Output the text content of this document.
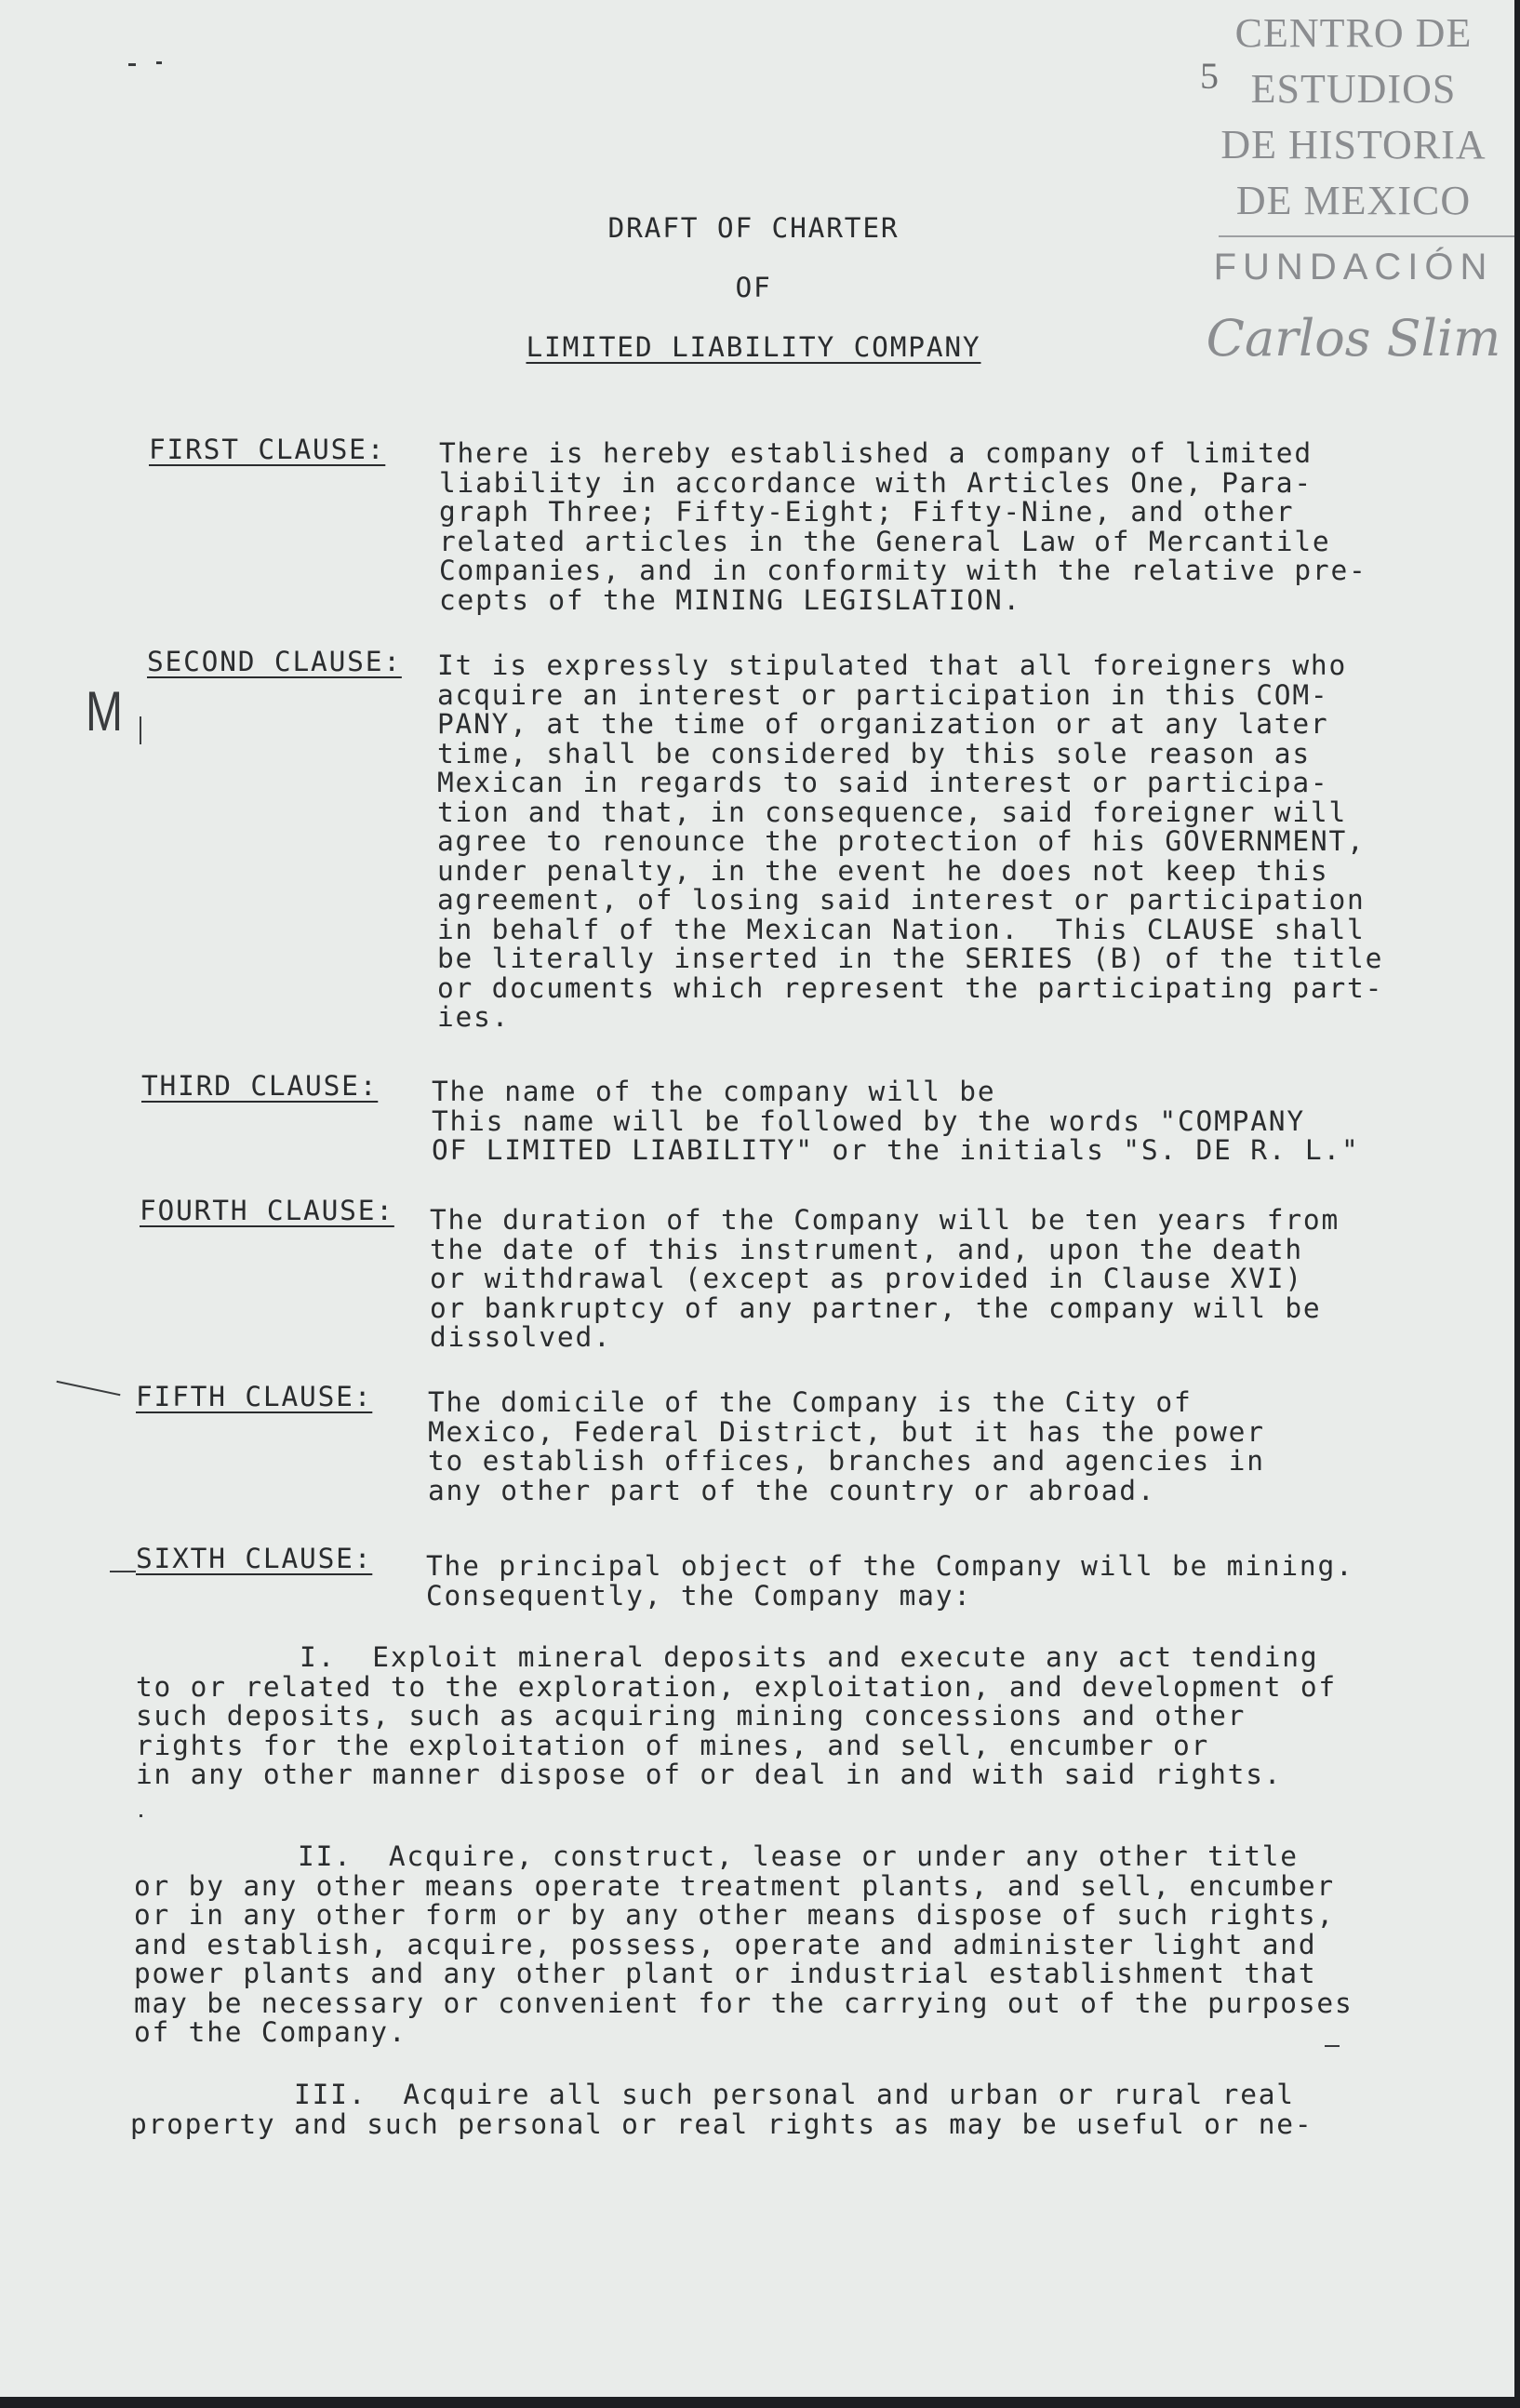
5
CENTRO DE
ESTUDIOS
DE HISTORIA
DE MEXICO
FUNDACIÓN
Carlos Slim
M
DRAFT OF CHARTER
OF
LIMITED LIABILITY COMPANY
FIRST CLAUSE: There is hereby established a company of limited
liability in accordance with Articles One, Para-
graph Three; Fifty-Eight; Fifty-Nine, and other
related articles in the General Law of Mercantile
Companies, and in conformity with the relative pre-
cepts of the MINING LEGISLATION.
SECOND CLAUSE: It is expressly stipulated that all foreigners who
acquire an interest or participation in this COM-
PANY, at the time of organization or at any later
time, shall be considered by this sole reason as
Mexican in regards to said interest or participa-
tion and that, in consequence, said foreigner will
agree to renounce the protection of his GOVERNMENT,
under penalty, in the event he does not keep this
agreement, of losing said interest or participation
in behalf of the Mexican Nation.  This CLAUSE shall
be literally inserted in the SERIES (B) of the title
or documents which represent the participating part-
ies.
THIRD CLAUSE: The name of the company will be
This name will be followed by the words "COMPANY
OF LIMITED LIABILITY" or the initials "S. DE R. L."
FOURTH CLAUSE: The duration of the Company will be ten years from
the date of this instrument, and, upon the death
or withdrawal (except as provided in Clause XVI)
or bankruptcy of any partner, the company will be
dissolved.
FIFTH CLAUSE: The domicile of the Company is the City of
Mexico, Federal District, but it has the power
to establish offices, branches and agencies in
any other part of the country or abroad.
SIXTH CLAUSE: The principal object of the Company will be mining.
Consequently, the Company may:
I.  Exploit mineral deposits and execute any act tending
to or related to the exploration, exploitation, and development of
such deposits, such as acquiring mining concessions and other
rights for the exploitation of mines, and sell, encumber or
in any other manner dispose of or deal in and with said rights.
II.  Acquire, construct, lease or under any other title
or by any other means operate treatment plants, and sell, encumber
or in any other form or by any other means dispose of such rights,
and establish, acquire, possess, operate and administer light and
power plants and any other plant or industrial establishment that
may be necessary or convenient for the carrying out of the purposes
of the Company.
III.  Acquire all such personal and urban or rural real
property and such personal or real rights as may be useful or ne-
